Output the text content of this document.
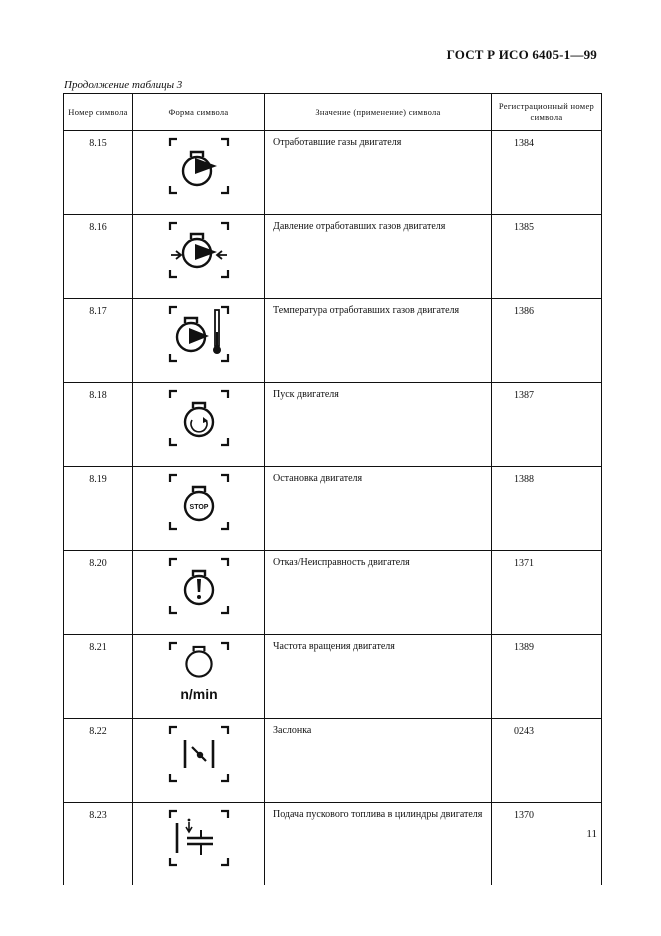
ГОСТ Р ИСО 6405-1—99
Продолжение таблицы 3
Номер символа	Форма символа	Значение (применение) символа	Регистрационный номер символа
8.15		Отработавшие газы двигателя	1384
8.16		Давление отработавших газов двигателя	1385
8.17		Температура отработавших газов двигателя	1386
8.18		Пуск двигателя	1387
8.19	STOP	Остановка двигателя	1388
8.20		Отказ/Неисправность двигателя	1371
8.21	n/min	Частота вращения двигателя	1389
8.22		Заслонка	0243
8.23		Подача пускового топлива в цилиндры двигателя	1370
11
